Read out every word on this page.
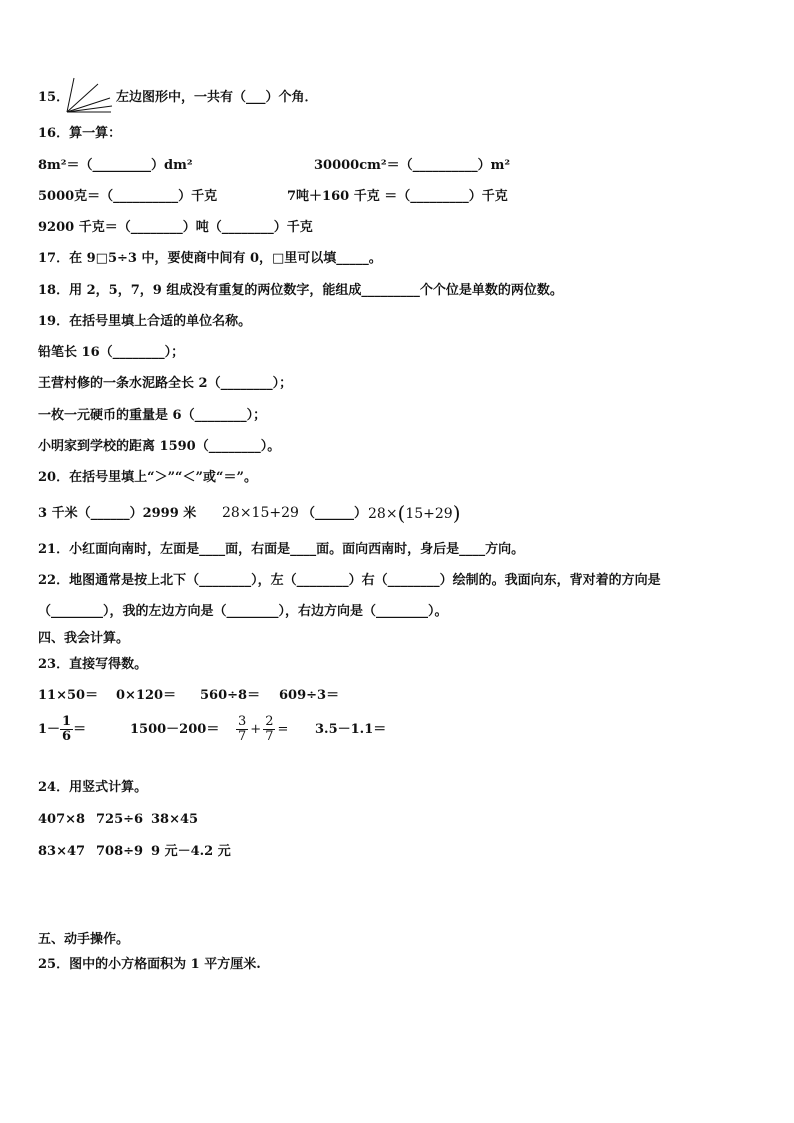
15．	左边图形中，一共有（___）个角．
16．算一算：
8m²＝（_________）dm²	30000cm²＝（__________）m²
5000克＝（__________）千克	7吨＋160 千克 ＝（_________）千克
9200 千克＝（________）吨（________）千克
17．在 9□5÷3 中，要使商中间有 0，□里可以填_____。
18．用 2，5，7，9 组成没有重复的两位数字，能组成_________个个位是单数的两位数。
19．在括号里填上合适的单位名称。
铅笔长 16（________）；
王营村修的一条水泥路全长 2（________）；
一枚一元硬币的重量是 6（________）；
小明家到学校的距离 1590（________）。
20．在括号里填上“＞”“＜”或“＝”。
3 千米（______）2999 米 28×15+29 （______） 28×(15+29)
21．小红面向南时，左面是____面，右面是____面。面向西南时，身后是____方向。
22．地图通常是按上北下（________），左（________）右（________）绘制的。我面向东，背对着的方向是
（________），我的左边方向是（________），右边方向是（________）。
四、我会计算。
23．直接写得数。
11×50＝ 0×120＝ 560÷8＝ 609÷3＝
$1- \frac{1}{6}$ ＝	$1500-200= \frac{3}{7} + \frac{2}{7} = 3.5-1.1=$
24．用竖式计算。
407×8 725÷6 38×45
83×47 708÷9 9 元－4.2 元
五、动手操作。
25．图中的小方格面积为 1 平方厘米.
